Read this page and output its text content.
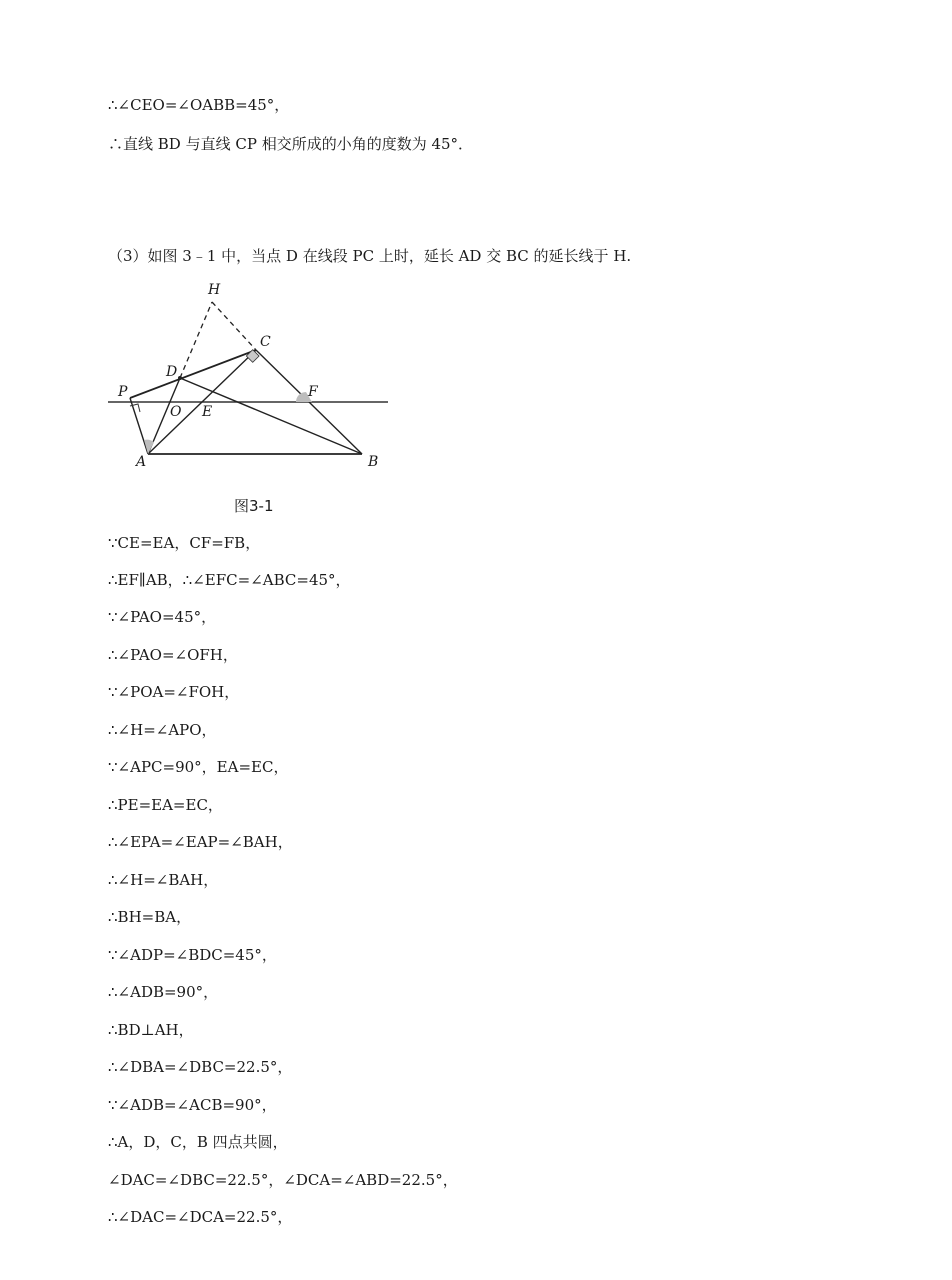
∴∠CEO=∠OABB=45°，
∴直线 BD 与直线 CP 相交所成的小角的度数为 45°．
（3）如图 3﹣1 中，当点 D 在线段 PC 上时，延长 AD 交 BC 的延长线于 H.
H
C
D
P
O E
F
A	B
图3-1
∵CE=EA，CF=FB，
∴EF∥AB，∴∠EFC=∠ABC=45°，
∵∠PAO=45°，
∴∠PAO=∠OFH，
∵∠POA=∠FOH，
∴∠H=∠APO，
∵∠APC=90°，EA=EC，
∴PE=EA=EC，
∴∠EPA=∠EAP=∠BAH，
∴∠H=∠BAH，
∴BH=BA，
∵∠ADP=∠BDC=45°，
∴∠ADB=90°，
∴BD⊥AH，
∴∠DBA=∠DBC=22.5°，
∵∠ADB=∠ACB=90°，
∴A，D，C，B 四点共圆，
∠DAC=∠DBC=22.5°，∠DCA=∠ABD=22.5°，
∴∠DAC=∠DCA=22.5°，
